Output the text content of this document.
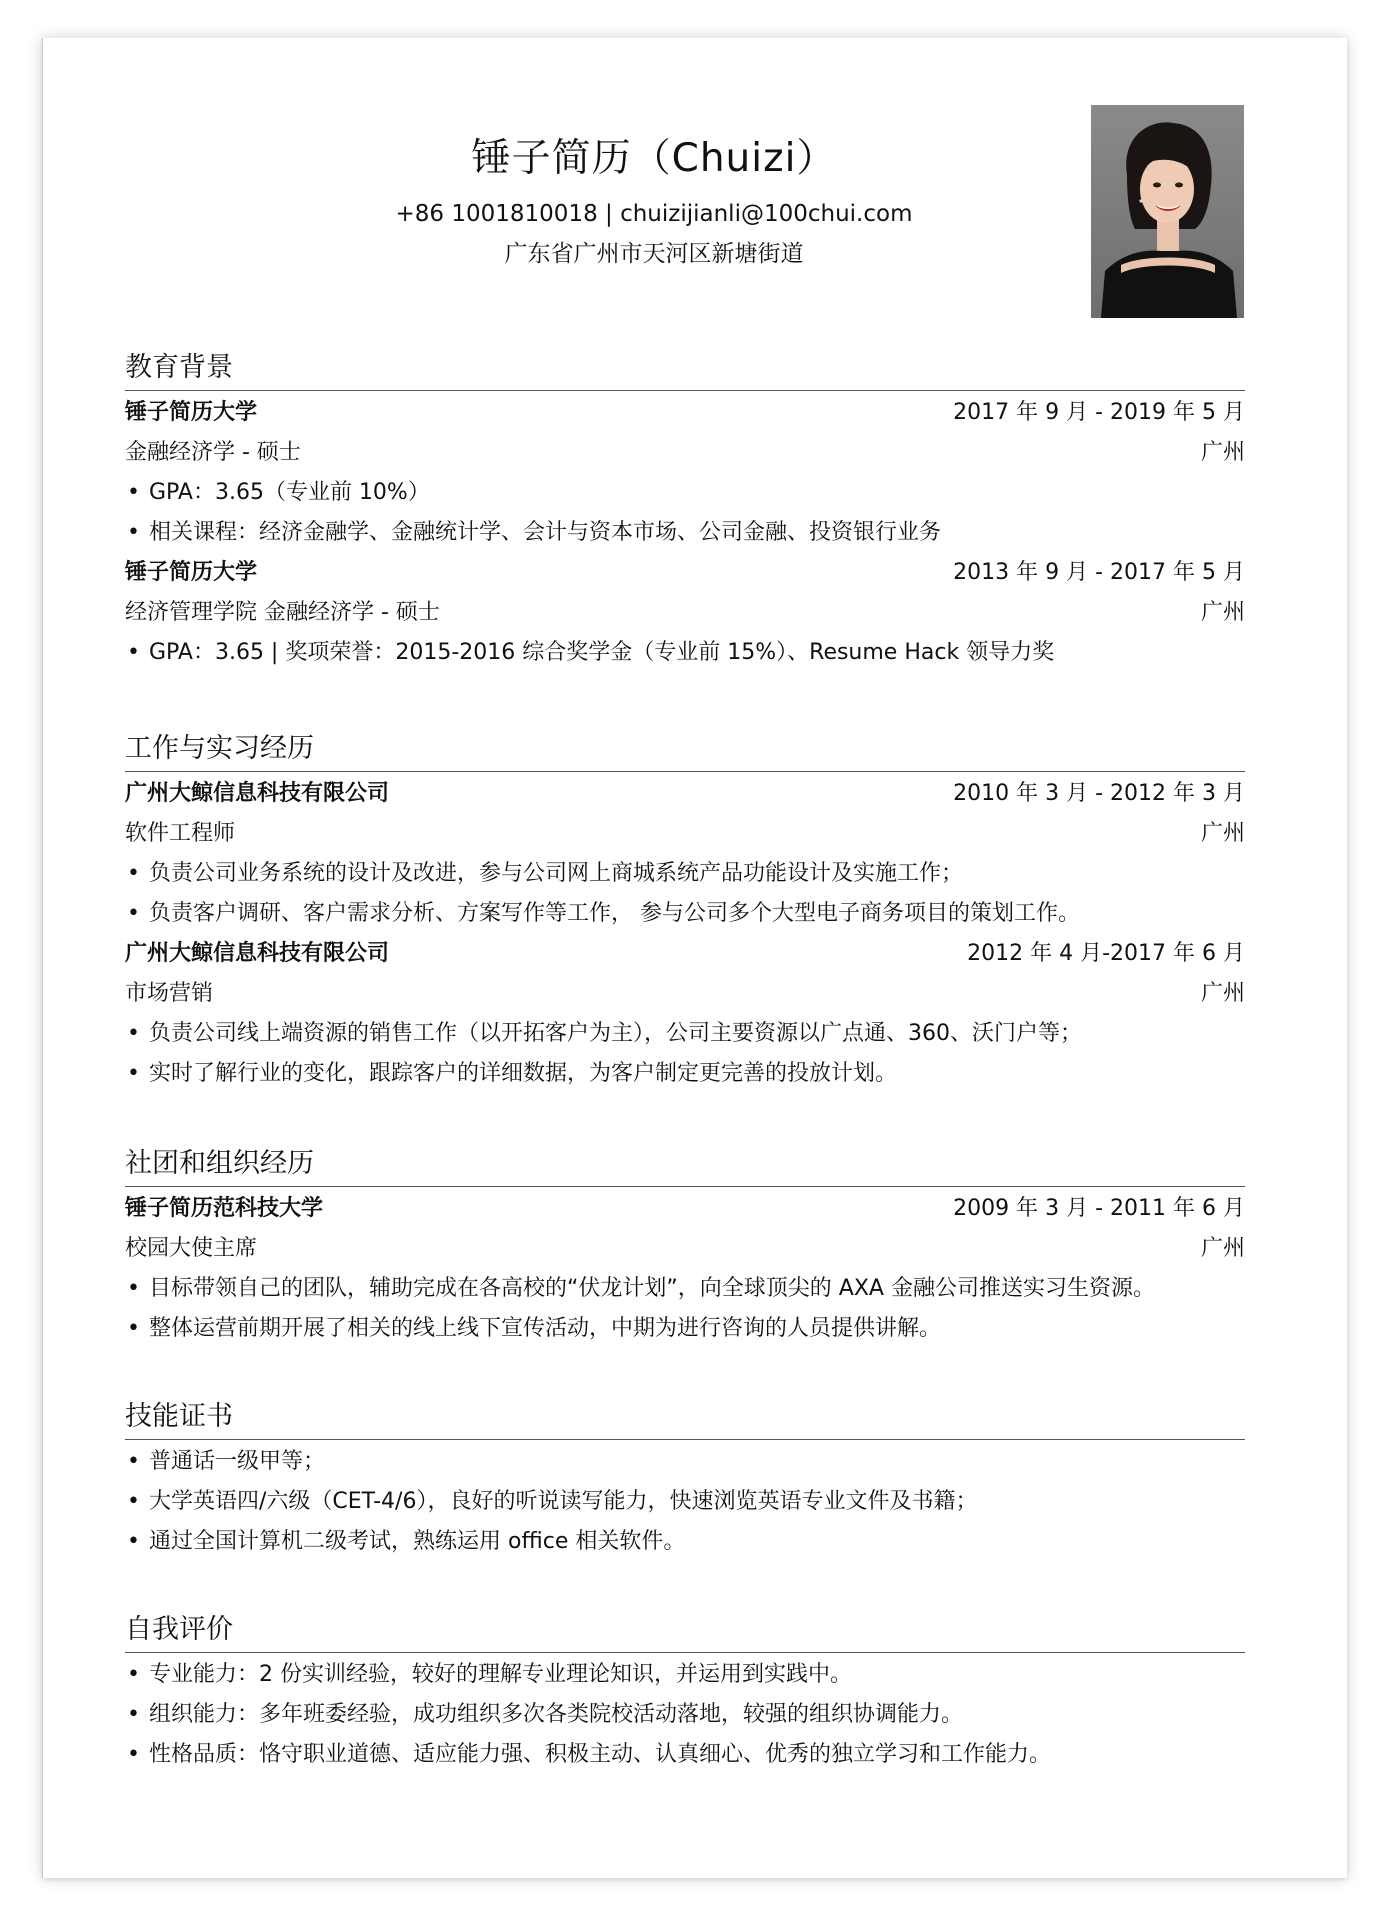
锤子简历（Chuizi）
+86 1001810018 | chuizijianli@100chui.com
广东省广州市天河区新塘街道
教育背景
锤子简历大学	2017 年 9 月 - 2019 年 5 月
金融经济学 - 硕士	广州
• GPA：3.65（专业前 10%）
• 相关课程：经济金融学、金融统计学、会计与资本市场、公司金融、投资银行业务
锤子简历大学	2013 年 9 月 - 2017 年 5 月
经济管理学院 金融经济学 - 硕士	广州
• GPA：3.65 | 奖项荣誉：2015-2016 综合奖学金（专业前 15%）、Resume Hack 领导力奖
工作与实习经历
广州大鲸信息科技有限公司	2010 年 3 月 - 2012 年 3 月
软件工程师	广州
• 负责公司业务系统的设计及改进，参与公司网上商城系统产品功能设计及实施工作；
• 负责客户调研、客户需求分析、方案写作等工作， 参与公司多个大型电子商务项目的策划工作。
广州大鲸信息科技有限公司	2012 年 4 月-2017 年 6 月
市场营销	广州
• 负责公司线上端资源的销售工作（以开拓客户为主），公司主要资源以广点通、360、沃门户等；
• 实时了解行业的变化，跟踪客户的详细数据，为客户制定更完善的投放计划。
社团和组织经历
锤子简历范科技大学	2009 年 3 月 - 2011 年 6 月
校园大使主席	广州
• 目标带领自己的团队，辅助完成在各高校的“伏龙计划”，向全球顶尖的 AXA 金融公司推送实习生资源。
• 整体运营前期开展了相关的线上线下宣传活动，中期为进行咨询的人员提供讲解。
技能证书
• 普通话一级甲等；
• 大学英语四/六级（CET-4/6），良好的听说读写能力，快速浏览英语专业文件及书籍；
• 通过全国计算机二级考试，熟练运用 office 相关软件。
自我评价
• 专业能力：2 份实训经验，较好的理解专业理论知识，并运用到实践中。
• 组织能力：多年班委经验，成功组织多次各类院校活动落地，较强的组织协调能力。
• 性格品质：恪守职业道德、适应能力强、积极主动、认真细心、优秀的独立学习和工作能力。
